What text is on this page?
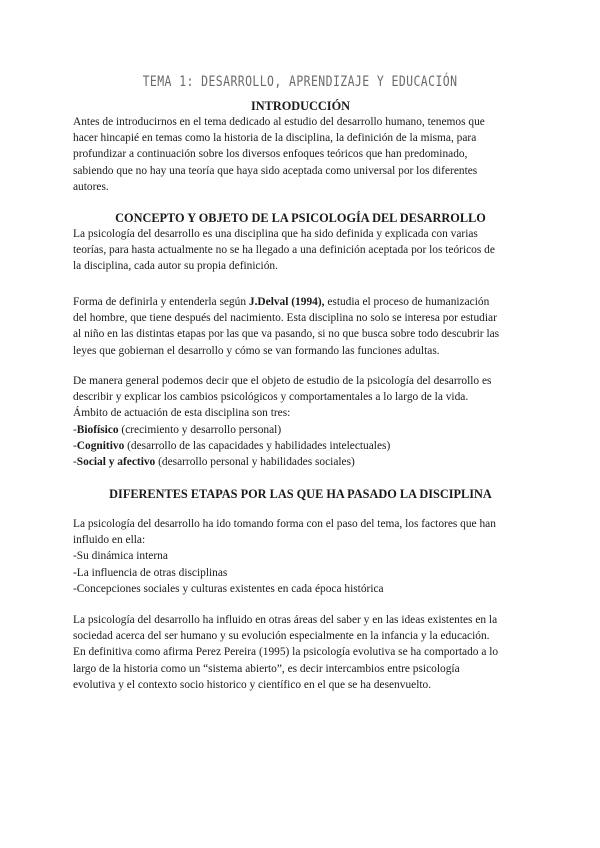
TEMA 1: DESARROLLO, APRENDIZAJE Y EDUCACIÓN
INTRODUCCIÓN

Antes de introducirnos en el tema dedicado al estudio del desarrollo humano, tenemos que
hacer hincapié en temas como la historia de la disciplina, la definición de la misma, para
profundizar a continuación sobre los diversos enfoques teóricos que han predominado,
sabiendo que no hay una teoría que haya sido aceptada como universal por los diferentes
autores.

CONCEPTO Y OBJETO DE LA PSICOLOGÍA DEL DESARROLLO

La psicología del desarrollo es una disciplina que ha sido definida y explicada con varias
teorías, para hasta actualmente no se ha llegado a una definición aceptada por los teóricos de
la disciplina, cada autor su propia definición.

Forma de definirla y entenderla según J.Delval (1994), estudia el proceso de humanización
del hombre, que tiene después del nacimiento. Esta disciplina no solo se interesa por estudiar
al niño en las distintas etapas por las que va pasando, si no que busca sobre todo descubrir las
leyes que gobiernan el desarrollo y cómo se van formando las funciones adultas.

De manera general podemos decir que el objeto de estudio de la psicología del desarrollo es
describir y explicar los cambios psicológicos y comportamentales a lo largo de la vida.
Ámbito de actuación de esta disciplina son tres:
-Biofísico (crecimiento y desarrollo personal)
-Cognitivo (desarrollo de las capacidades y habilidades intelectuales)
-Social y afectivo (desarrollo personal y habilidades sociales)

DIFERENTES ETAPAS POR LAS QUE HA PASADO LA DISCIPLINA

La psicología del desarrollo ha ido tomando forma con el paso del tema, los factores que han
influido en ella:
-Su dinámica interna
-La influencia de otras disciplinas
-Concepciones sociales y culturas existentes en cada época histórica

La psicología del desarrollo ha influido en otras áreas del saber y en las ideas existentes en la
sociedad acerca del ser humano y su evolución especialmente en la infancia y la educación.
En definitiva como afirma Perez Pereira (1995) la psicología evolutiva se ha comportado a lo
largo de la historia como un “sistema abierto”, es decir intercambios entre psicología
evolutiva y el contexto socio historico y científico en el que se ha desenvuelto.
